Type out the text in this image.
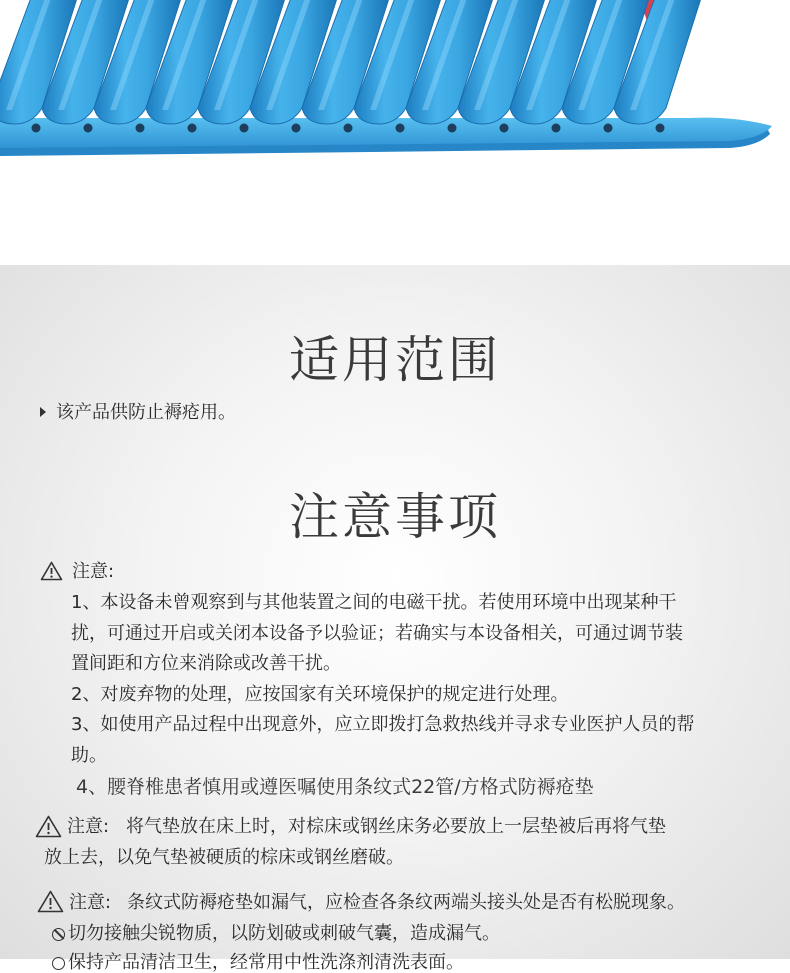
适用范围
该产品供防止褥疮用。
注意事项
注意:
1、本设备未曾观察到与其他装置之间的电磁干扰。若使用环境中出现某种干
扰，可通过开启或关闭本设备予以验证；若确实与本设备相关，可通过调节装
置间距和方位来消除或改善干扰。
2、对废弃物的处理，应按国家有关环境保护的规定进行处理。
3、如使用产品过程中出现意外，应立即拨打急救热线并寻求专业医护人员的帮
助。
4、腰脊椎患者慎用或遵医嘱使用条纹式22管/方格式防褥疮垫
注意: 将气垫放在床上时，对棕床或钢丝床务必要放上一层垫被后再将气垫
放上去，以免气垫被硬质的棕床或钢丝磨破。
注意: 条纹式防褥疮垫如漏气，应检查各条纹两端头接头处是否有松脱现象。
切勿接触尖锐物质，以防划破或刺破气囊，造成漏气。
保持产品清洁卫生，经常用中性洗涤剂清洗表面。
